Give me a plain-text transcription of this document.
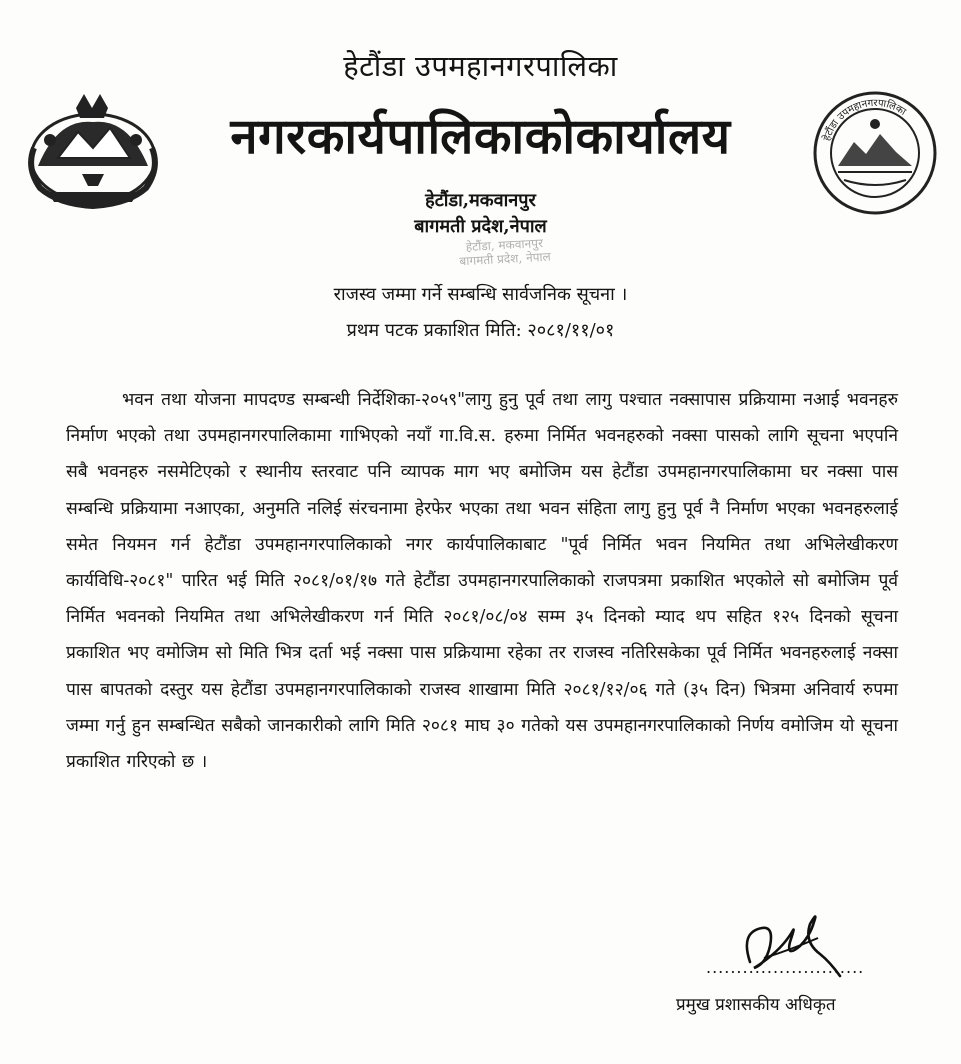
हेटौंडा उपमहानगरपालिका
हेटौंडा उपमहानगरपालिका
नगरकार्यपालिकाकोकार्यालय
हेटौंडा,मकवानपुर
बागमती प्रदेश,नेपाल
हेटौंडा, मकवानपुर
बागमती प्रदेश, नेपाल
राजस्व जम्मा गर्ने सम्बन्धि सार्वजनिक सूचना ।
प्रथम पटक प्रकाशित मिति: २०८१/११/०१
भवन तथा योजना मापदण्ड सम्बन्धी निर्देशिका-२०५९"लागु हुनु पूर्व तथा लागु पश्चात नक्सापास प्रक्रियामा नआई भवनहरु निर्माण भएको तथा उपमहानगरपालिकामा गाभिएको नयाँ गा.वि.स. हरुमा निर्मित भवनहरुको नक्सा पासको लागि सूचना भएपनि सबै भवनहरु नसमेटिएको र स्थानीय स्तरवाट पनि व्यापक माग भए बमोजिम यस हेटौंडा उपमहानगरपालिकामा घर नक्सा पास सम्बन्धि प्रक्रियामा नआएका, अनुमति नलिई संरचनामा हेरफेर भएका तथा भवन संहिता लागु हुनु पूर्व नै निर्माण भएका भवनहरुलाई समेत नियमन गर्न हेटौंडा उपमहानगरपालिकाको नगर कार्यपालिकाबाट "पूर्व निर्मित भवन नियमित तथा अभिलेखीकरण कार्यविधि-२०८१" पारित भई मिति २०८१/०१/१७ गते हेटौंडा उपमहानगरपालिकाको राजपत्रमा प्रकाशित भएकोले सो बमोजिम पूर्व निर्मित भवनको नियमित तथा अभिलेखीकरण गर्न मिति २०८१/०८/०४ सम्म ३५ दिनको म्याद थप सहित १२५ दिनको सूचना प्रकाशित भए वमोजिम सो मिति भित्र दर्ता भई नक्सा पास प्रक्रियामा रहेका तर राजस्व नतिरिसकेका पूर्व निर्मित भवनहरुलाई नक्सा पास बापतको दस्तुर यस हेटौंडा उपमहानगरपालिकाको राजस्व शाखामा मिति २०८१/१२/०६ गते (३५ दिन) भित्रमा अनिवार्य रुपमा जम्मा गर्नु हुन सम्बन्धित सबैको जानकारीको लागि मिति २०८१ माघ ३० गतेको यस उपमहानगरपालिकाको निर्णय वमोजिम यो सूचना प्रकाशित गरिएको छ ।
..........................
प्रमुख प्रशासकीय अधिकृत
